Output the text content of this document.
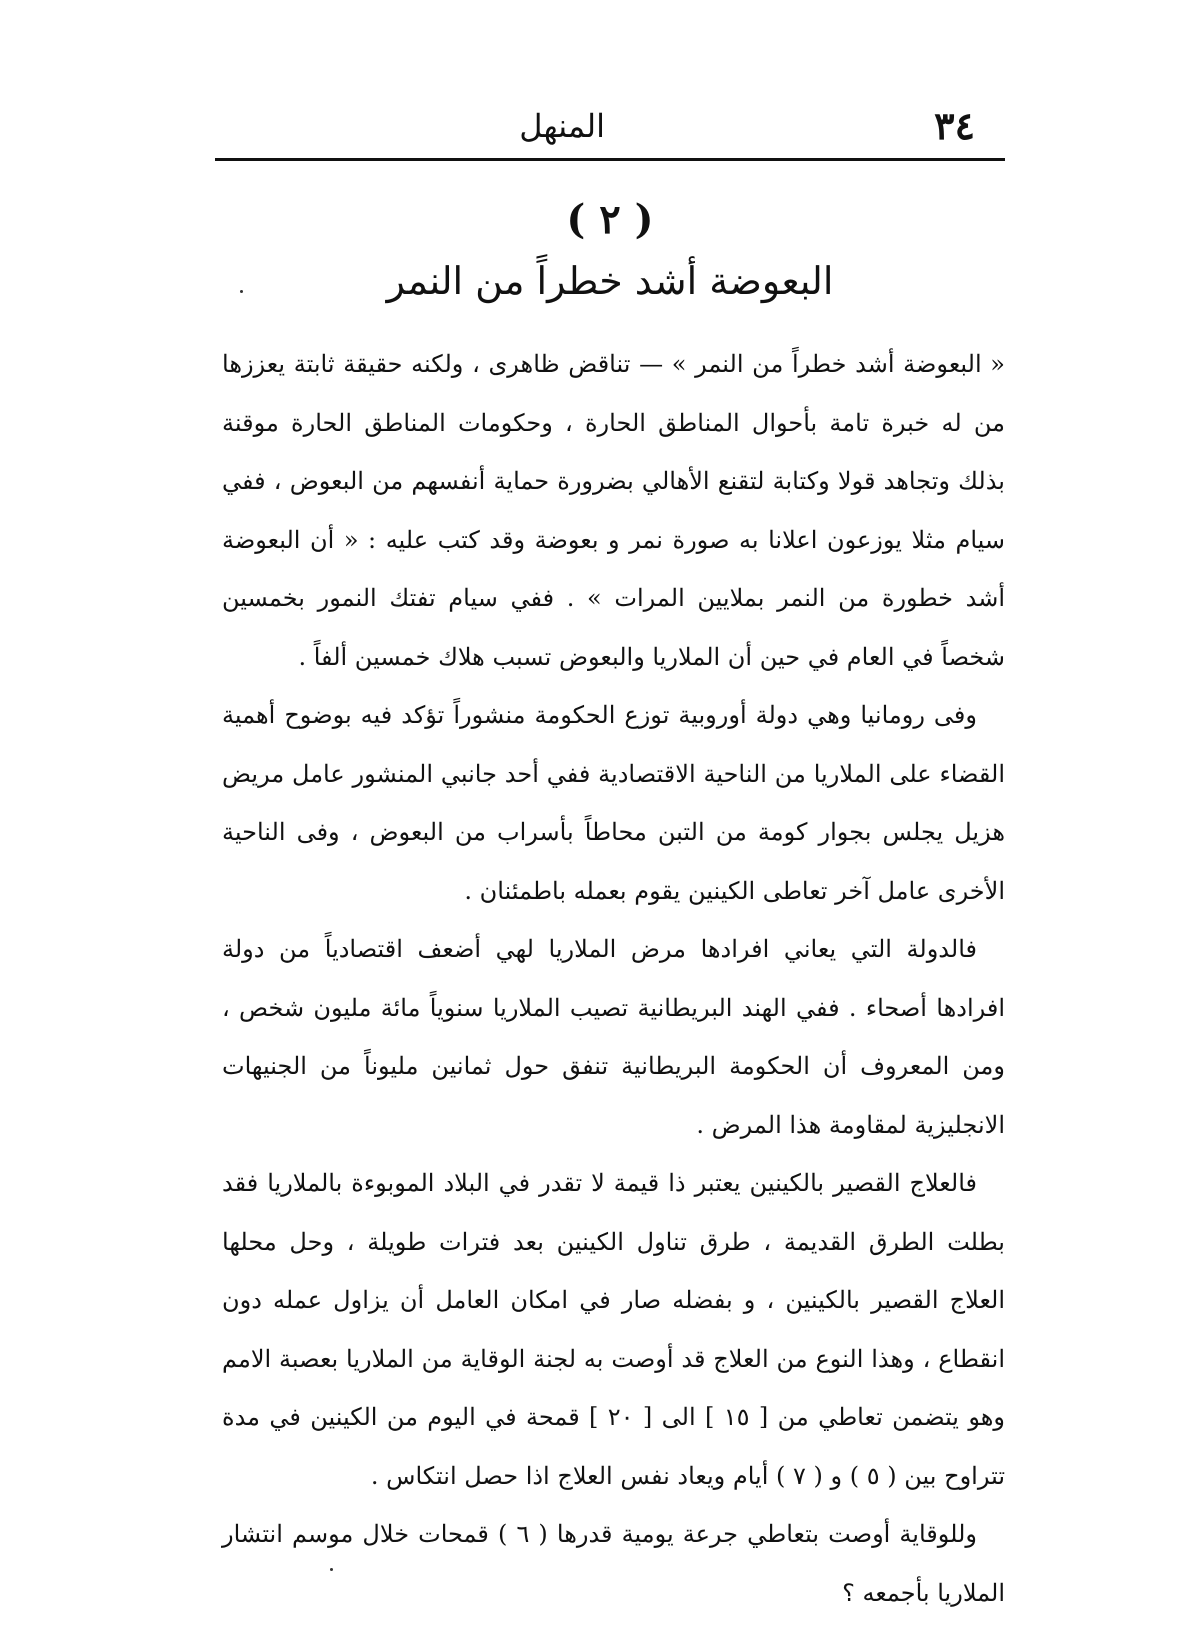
٣٤
المنهل
( ٢ )
البعوضة أشد خطراً من النمر

« البعوضة أشد خطراً من النمر » — تناقض ظاهرى ، ولكنه حقيقة ثابتة يعززها من له خبرة تامة بأحوال المناطق الحارة ، وحكومات المناطق الحارة موقنة بذلك وتجاهد قولا وكتابة لتقنع الأهالي بضرورة حماية أنفسهم من البعوض ، ففي سيام مثلا يوزعون اعلانا به صورة نمر و بعوضة وقد كتب عليه : « أن البعوضة أشد خطورة من النمر بملايين المرات » . ففي سيام تفتك النمور بخمسين شخصاً في العام في حين أن الملاريا والبعوض تسبب هلاك خمسين ألفاً .

وفى رومانيا وهي دولة أوروبية توزع الحكومة منشوراً تؤكد فيه بوضوح أهمية القضاء على الملاريا من الناحية الاقتصادية ففي أحد جانبي المنشور عامل مريض هزيل يجلس بجوار كومة من التبن محاطاً بأسراب من البعوض ، وفى الناحية الأخرى عامل آخر تعاطى الكينين يقوم بعمله باطمئنان .

فالدولة التي يعاني افرادها مرض الملاريا لهي أضعف اقتصادياً من دولة افرادها أصحاء . ففي الهند البريطانية تصيب الملاريا سنوياً مائة مليون شخص ، ومن المعروف أن الحكومة البريطانية تنفق حول ثمانين مليوناً من الجنيهات الانجليزية لمقاومة هذا المرض .

فالعلاج القصير بالكينين يعتبر ذا قيمة لا تقدر في البلاد الموبوءة بالملاريا فقد بطلت الطرق القديمة ، طرق تناول الكينين بعد فترات طويلة ، وحل محلها العلاج القصير بالكينين ، و بفضله صار في امكان العامل أن يزاول عمله دون انقطاع ، وهذا النوع من العلاج قد أوصت به لجنة الوقاية من الملاريا بعصبة الامم وهو يتضمن تعاطي من [ ١٥ ] الى [ ٢٠ ] قمحة في اليوم من الكينين في مدة تتراوح بين ( ٥ ) و ( ٧ ) أيام ويعاد نفس العلاج اذا حصل انتكاس .

وللوقاية أوصت بتعاطي جرعة يومية قدرها ( ٦ ) قمحات خلال موسم انتشار الملاريا بأجمعه ؟
